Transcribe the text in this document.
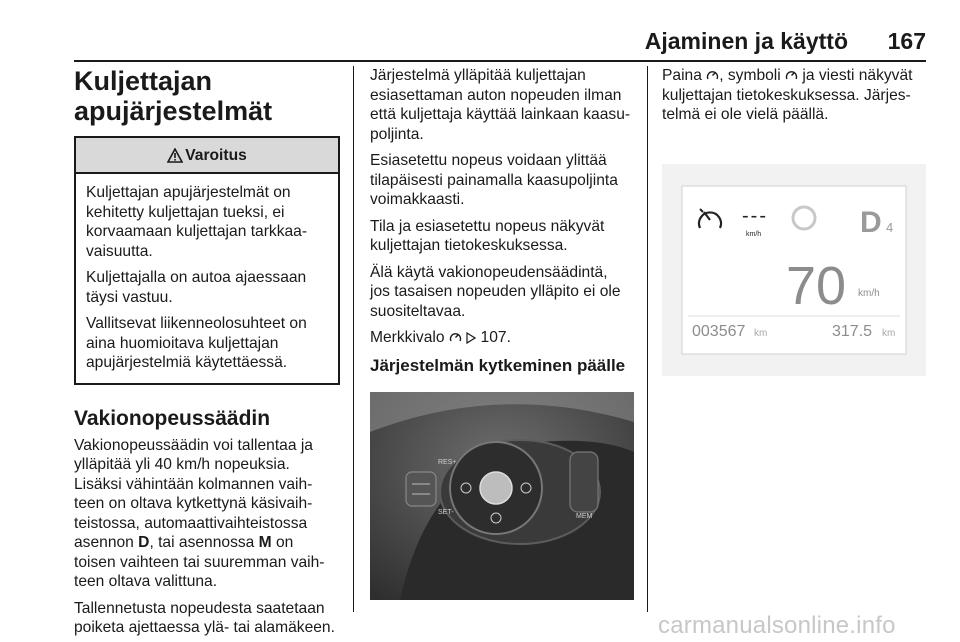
Ajaminen ja käyttö 167
Kuljettajan
apujärjestelmät
Varoitus

Kuljettajan apujärjestelmät on
kehitetty kuljettajan tueksi, ei
korvaamaan kuljettajan tarkkaa-
vaisuutta.

Kuljettajalla on autoa ajaessaan
täysi vastuu.

Vallitsevat liikenneolosuhteet on
aina huomioitava kuljettajan
apujärjestelmiä käytettäessä.

Vakionopeussäädin

Vakionopeussäädin voi tallentaa ja
ylläpitää yli 40 km/h nopeuksia.
Lisäksi vähintään kolmannen vaih-
teen on oltava kytkettynä käsivaih-
teistossa, automaattivaihteistossa
asennon D, tai asennossa M on
toisen vaihteen tai suuremman vaih-
teen oltava valittuna.

Tallennetusta nopeudesta saatetaan
poiketa ajettaessa ylä- tai alamäkeen.

Järjestelmä ylläpitää kuljettajan
esiasettaman auton nopeuden ilman
että kuljettaja käyttää lainkaan kaasu-
poljinta.

Esiasetettu nopeus voidaan ylittää
tilapäisesti painamalla kaasupoljinta
voimakkaasti.

Tila ja esiasetettu nopeus näkyvät
kuljettajan tietokeskuksessa.

Älä käytä vakionopeudensäädintä,
jos tasaisen nopeuden ylläpito ei ole
suositeltavaa.

Merkkivalo   107.

Järjestelmän kytkeminen päälle
RES+
SET-
MEM

Paina , symboli  ja viesti näkyvät
kuljettajan tietokeskuksessa. Järjes-
telmä ei ole vielä päällä.

---
km/h	D 4
70 km/h
003567 km	317.5 km
carmanualsonline.info
